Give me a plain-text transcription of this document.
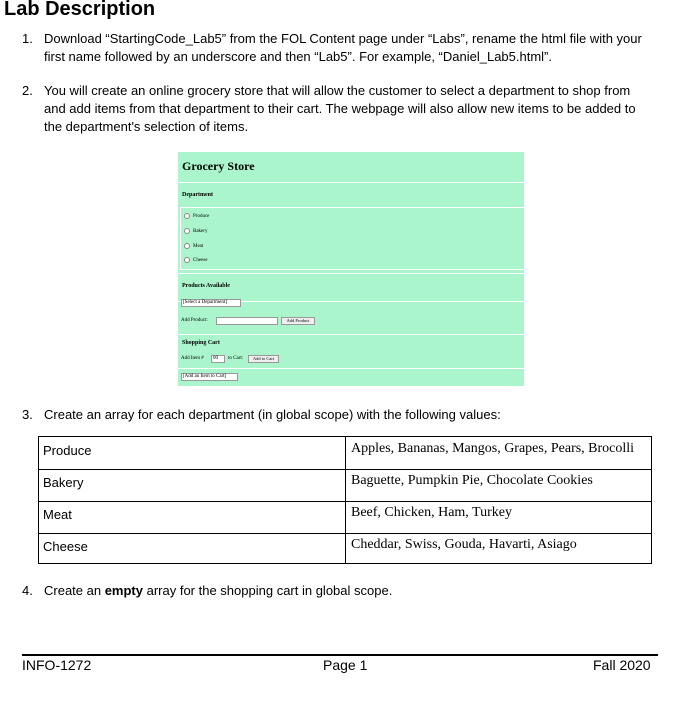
Lab Description
1. Download “StartingCode_Lab5” from the FOL Content page under “Labs”, rename the html file with your
first name followed by an underscore and then “Lab5”. For example, “Daniel_Lab5.html”.
2. You will create an online grocery store that will allow the customer to select a department to shop from
and add items from that department to their cart. The webpage will also allow new items to be added to
the department's selection of items.
Grocery Store
Department
Produce
Bakery
Meat
Cheese
Products Available
[Select a Department]
Add Product:	Add Product
Shopping Cart
Add Item #	00	to Cart:	Add to Cart
[Add an Item to Cart]
3. Create an array for each department (in global scope) with the following values:
Produce	Apples, Bananas, Mangos, Grapes, Pears, Brocolli
Bakery	Baguette, Pumpkin Pie, Chocolate Cookies
Meat	Beef, Chicken, Ham, Turkey
Cheese	Cheddar, Swiss, Gouda, Havarti, Asiago
4. Create an empty array for the shopping cart in global scope.
INFO-1272	Page 1	Fall 2020
